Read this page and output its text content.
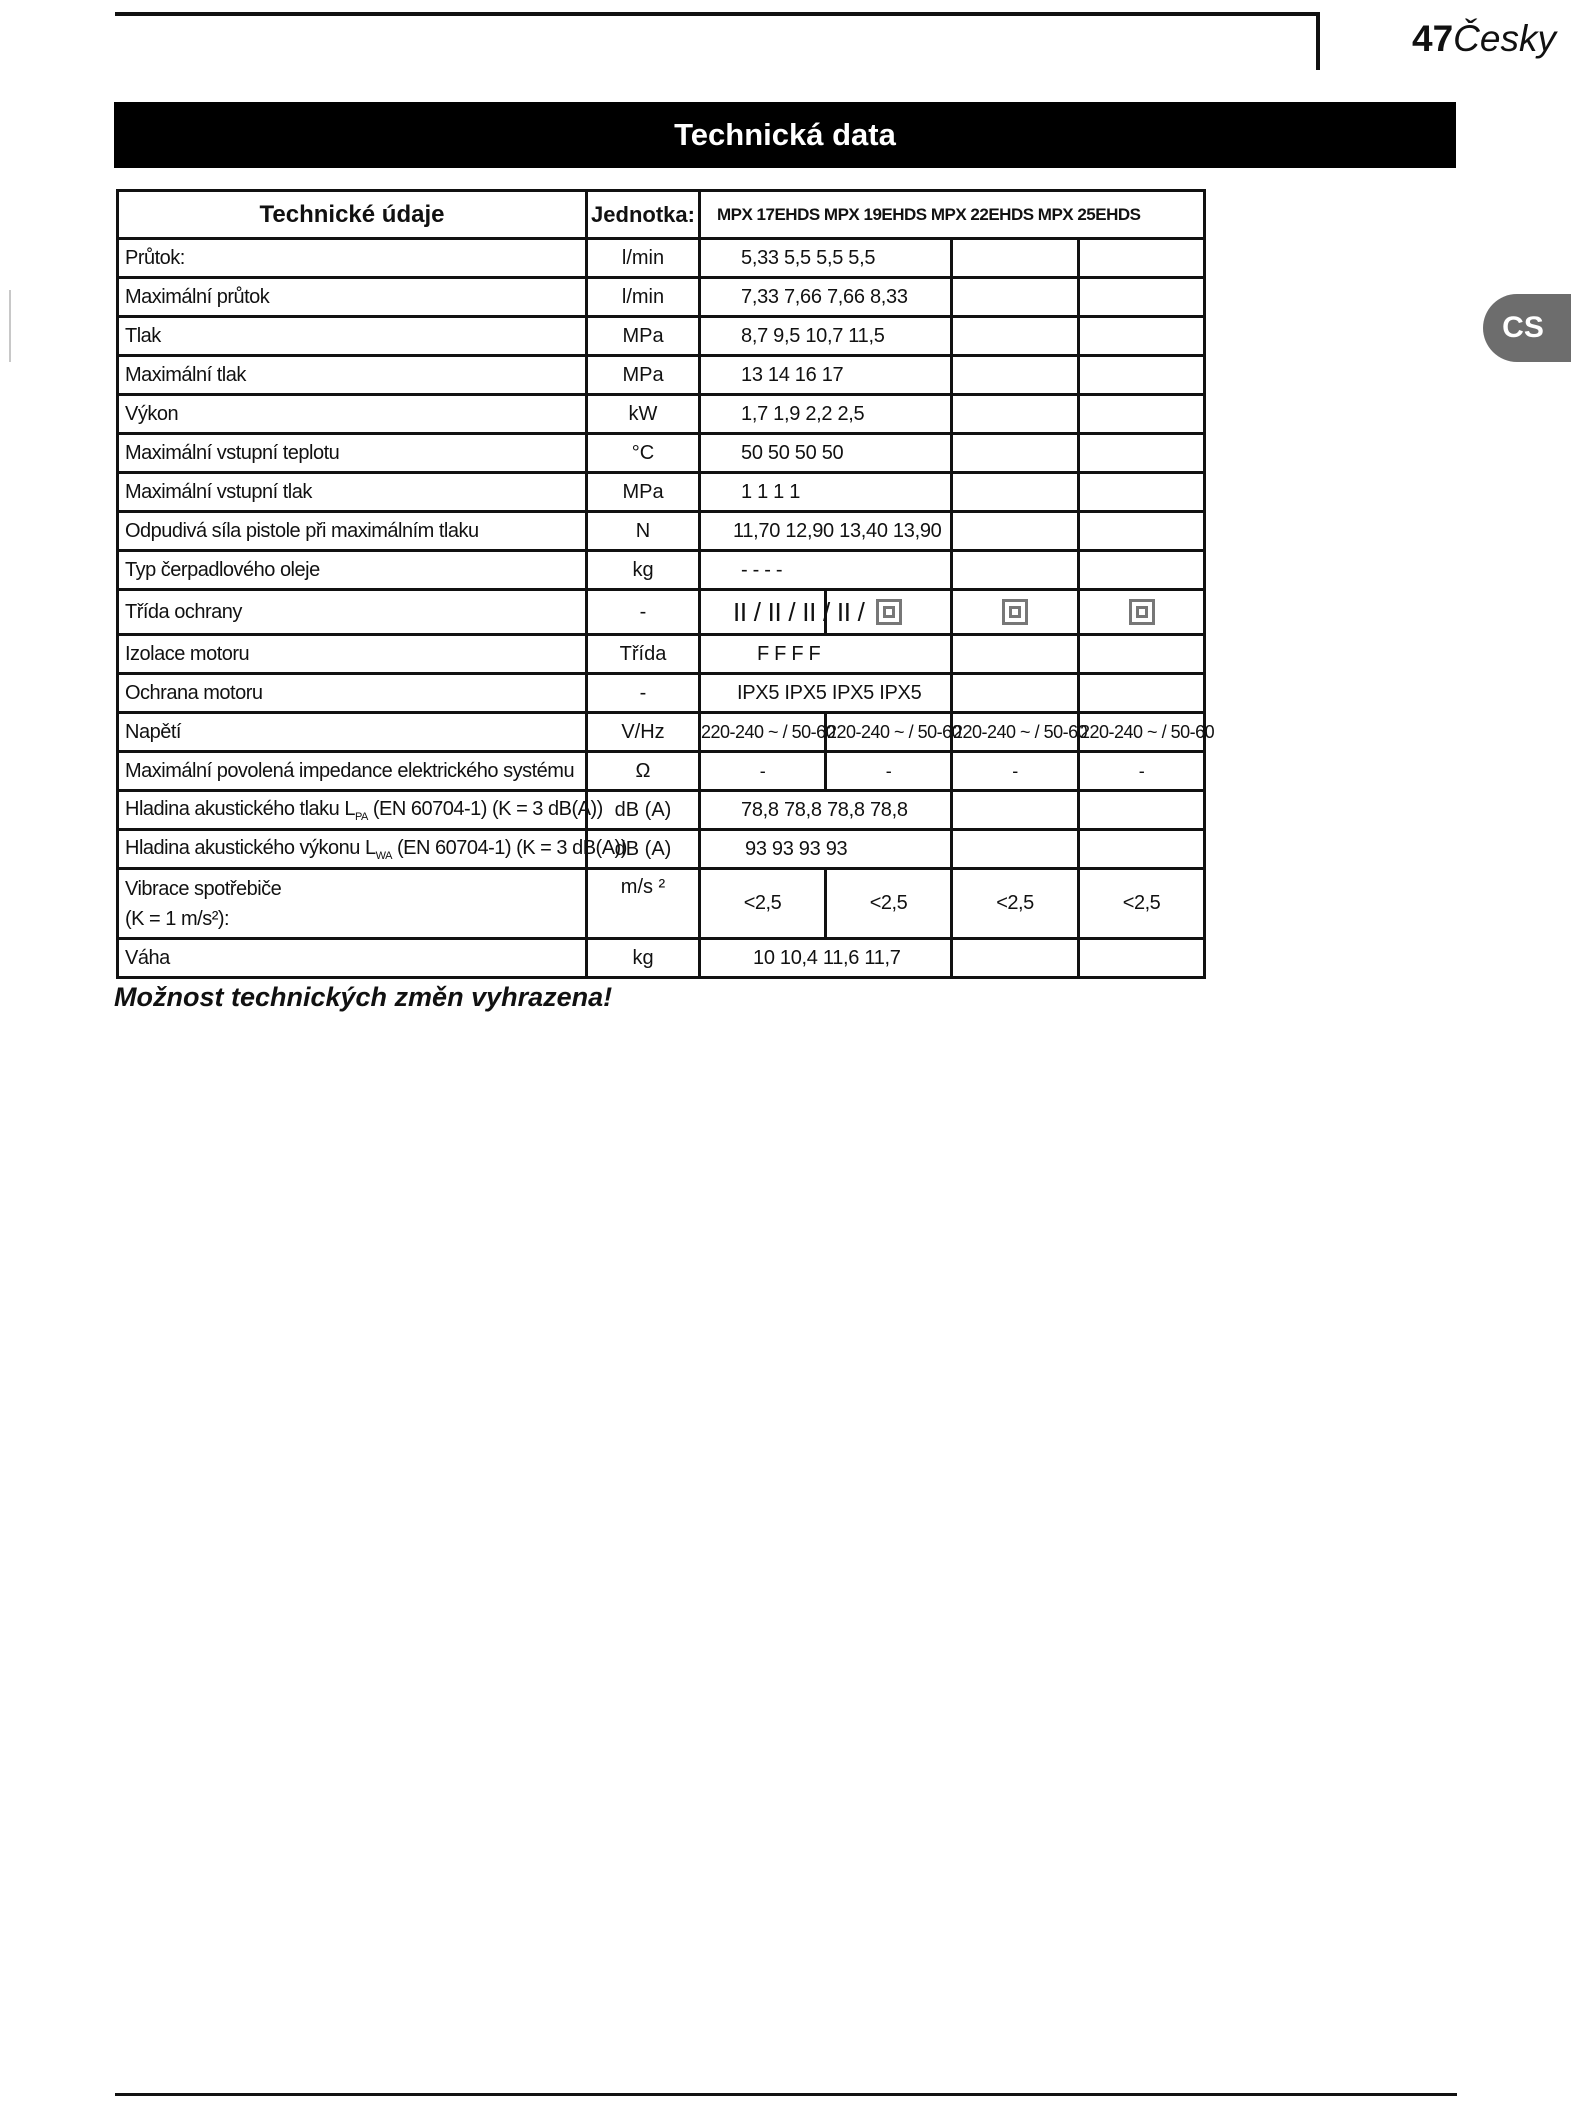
47Česky
CS
Technická data
Technické údaje	Jednotka:	MPX 17EHDS MPX 19EHDS MPX 22EHDS MPX 25EHDS			
Průtok:	l/min	5,33 5,5 5,5 5,5			
Maximální průtok	l/min	7,33 7,66 7,66 8,33			
Tlak	MPa	8,7 9,5 10,7 11,5			
Maximální tlak	MPa	13 14 16 17			
Výkon	kW	1,7 1,9 2,2 2,5			
Maximální vstupní teplotu	°C	50 50 50 50			
Maximální vstupní tlak	MPa	1 1 1 1			
Odpudivá síla pistole při maximálním tlaku	N	11,70 12,90 13,40 13,90			
Typ čerpadlového oleje	kg	- - - -			
Třída ochrany	-	II / II / II / II /			
Izolace motoru	Třída	F F F F			
Ochrana motoru	-	IPX5 IPX5 IPX5 IPX5			
Napětí	V/Hz	220-240 ~ / 50-60	220-240 ~ / 50-60	220-240 ~ / 50-60	220-240 ~ / 50-60
Maximální povolená impedance elektrického systému	Ω	-	-	-	-
Hladina akustického tlaku $L_{PA}$ (EN 60704-1) (K = 3 dB(A))	dB (A)	78,8 78,8 78,8 78,8			
Hladina akustického výkonu $L_{WA}$ (EN 60704-1) (K = 3 dB(A))	dB (A)	93 93 93 93			

Vibrace spotřebiče
(K = 1 m/s²):	m/s ²	<2,5	<2,5	<2,5	<2,5
Váha	kg	10 10,4 11,6 11,7			
Možnost technických změn vyhrazena!
